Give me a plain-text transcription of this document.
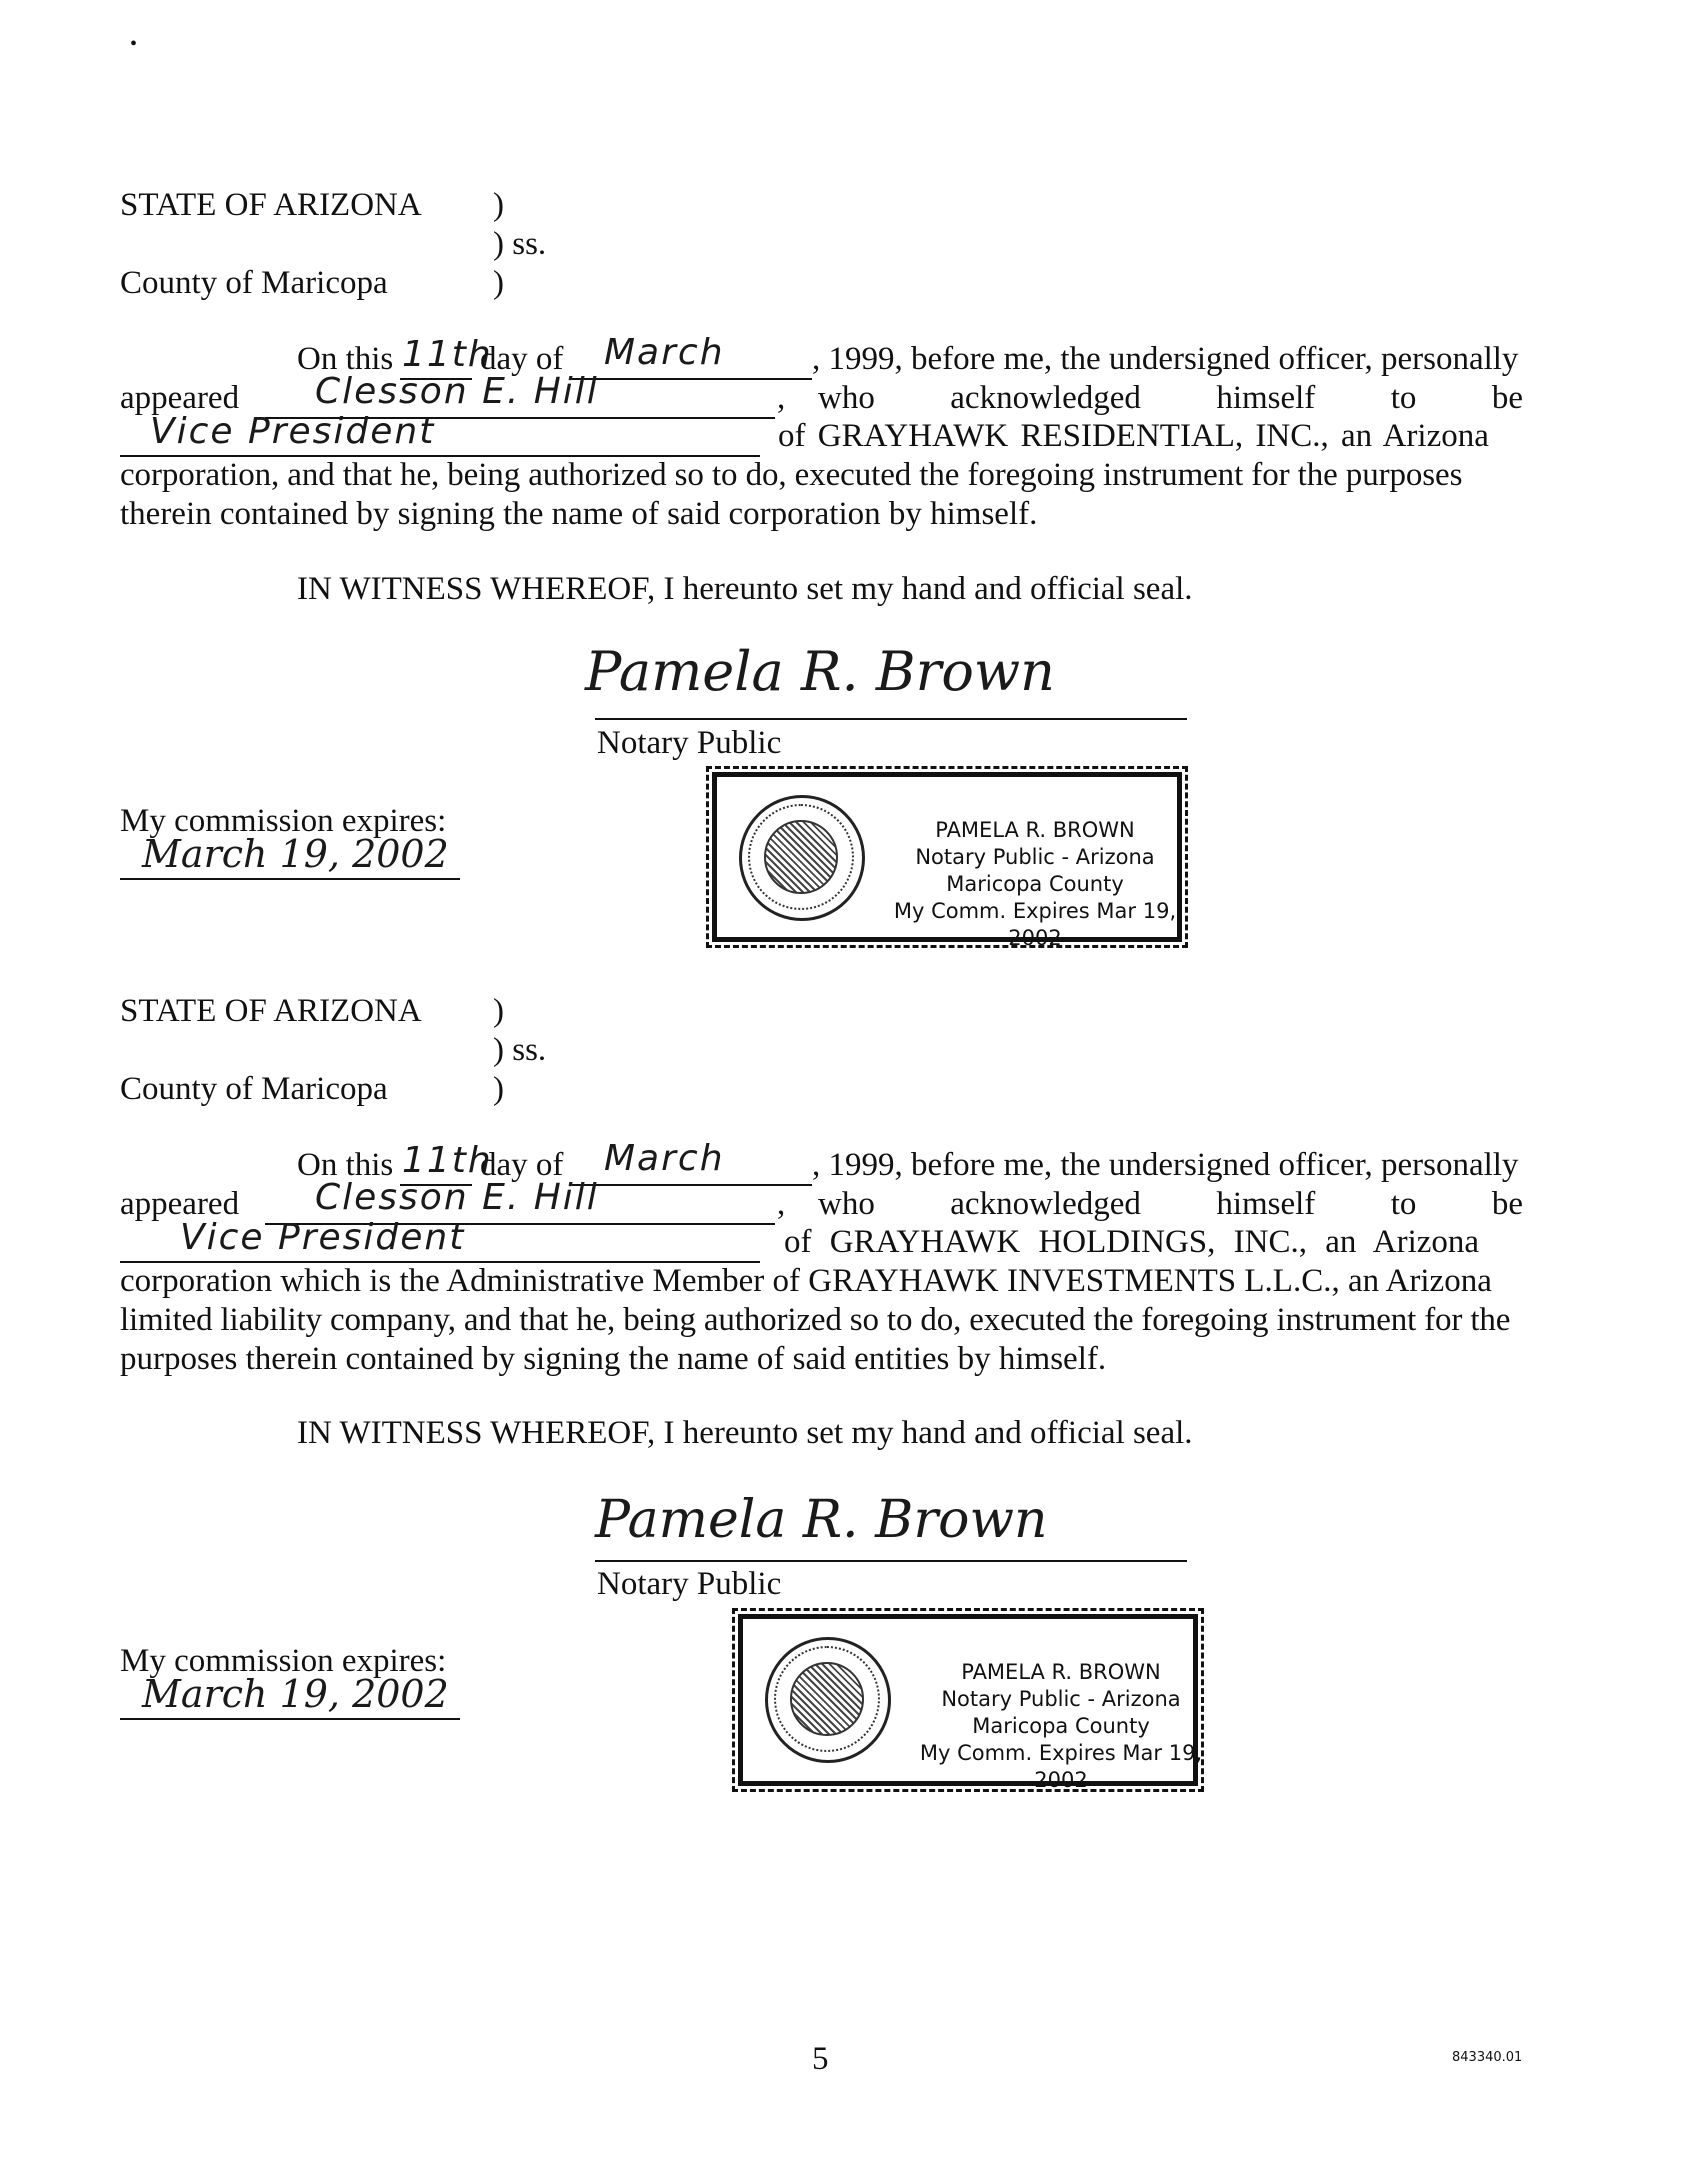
•
STATE OF ARIZONA )
) ss.
County of Maricopa	)
On this 11th
day of March	, 1999, before me, the undersigned officer, personally
appeared Clesson E. Hill	, who acknowledged himself to be
Vice President	of GRAYHAWK RESIDENTIAL, INC., an Arizona
corporation, and that he, being authorized so to do, executed the foregoing instrument for the purposes
therein contained by signing the name of said corporation by himself.
IN WITNESS WHEREOF, I hereunto set my hand and official seal.
Pamela R. Brown
Notary Public
My commission expires:
March 19, 2002
PAMELA R. BROWN
Notary Public - Arizona
Maricopa County
My Comm. Expires Mar 19, 2002
STATE OF ARIZONA )
) ss.
County of Maricopa	)
On this 11th
day of March	, 1999, before me, the undersigned officer, personally
appeared Clesson E. Hill	, who acknowledged himself to be
Vice President	of GRAYHAWK HOLDINGS, INC., an Arizona
corporation which is the Administrative Member of GRAYHAWK INVESTMENTS L.L.C., an Arizona
limited liability company, and that he, being authorized so to do, executed the foregoing instrument for the
purposes therein contained by signing the name of said entities by himself.
IN WITNESS WHEREOF, I hereunto set my hand and official seal.
Pamela R. Brown
Notary Public
My commission expires:
March 19, 2002	PAMELA R. BROWN
Notary Public - Arizona
Maricopa County
My Comm. Expires Mar 19, 2002
5	843340.01
